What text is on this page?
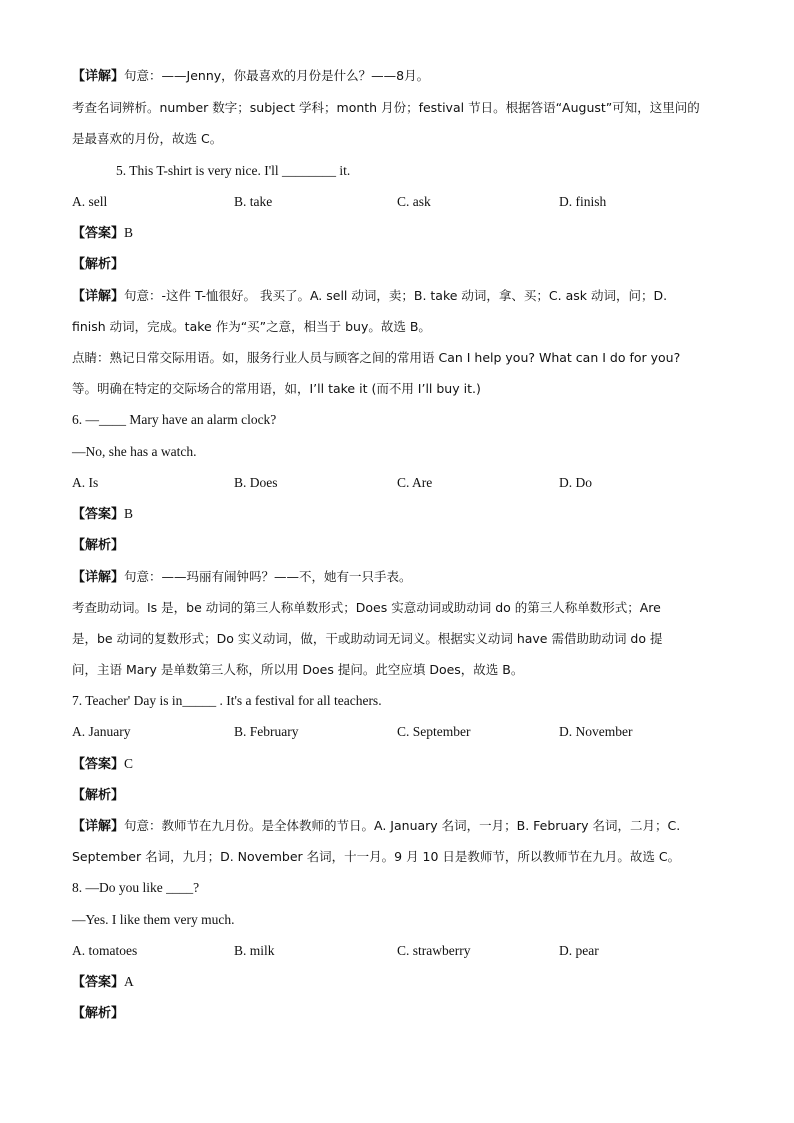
【详解】句意：——Jenny，你最喜欢的月份是什么？——8月。
考查名词辨析。number 数字；subject 学科；month 月份；festival 节日。根据答语“August”可知，这里问的
是最喜欢的月份，故选 C。
5. This T-shirt is very nice. I'll ________ it.
A. sell	B. take	C. ask	D. finish
【答案】B
【解析】
【详解】句意：-这件 T-恤很好。 我买了。A. sell 动词，卖；B. take 动词，拿、买；C. ask 动词，问；D.
finish 动词，完成。take 作为“买”之意，相当于 buy。故选 B。
点睛：熟记日常交际用语。如，服务行业人员与顾客之间的常用语 Can I help you? What can I do for you?
等。明确在特定的交际场合的常用语，如，I’ll take it (而不用 I’ll buy it.)
6. —____ Mary have an alarm clock?
—No, she has a watch.
A. Is	B. Does	C. Are	D. Do
【答案】B
【解析】
【详解】句意：——玛丽有闹钟吗？——不，她有一只手表。
考查助动词。Is 是，be 动词的第三人称单数形式；Does 实意动词或助动词 do 的第三人称单数形式；Are
是，be 动词的复数形式；Do 实义动词，做，干或助动词无词义。根据实义动词 have 需借助助动词 do 提
问，主语 Mary 是单数第三人称，所以用 Does 提问。此空应填 Does，故选 B。
7. Teacher' Day is in_____ . It's a festival for all teachers.
A. January	B. February	C. September	D. November
【答案】C
【解析】
【详解】句意：教师节在九月份。是全体教师的节日。A. January 名词，一月；B. February 名词，二月；C.
September 名词，九月；D. November 名词，十一月。9 月 10 日是教师节，所以教师节在九月。故选 C。
8. —Do you like ____?
—Yes. I like them very much.
A. tomatoes	B. milk	C. strawberry	D. pear
【答案】A
【解析】
